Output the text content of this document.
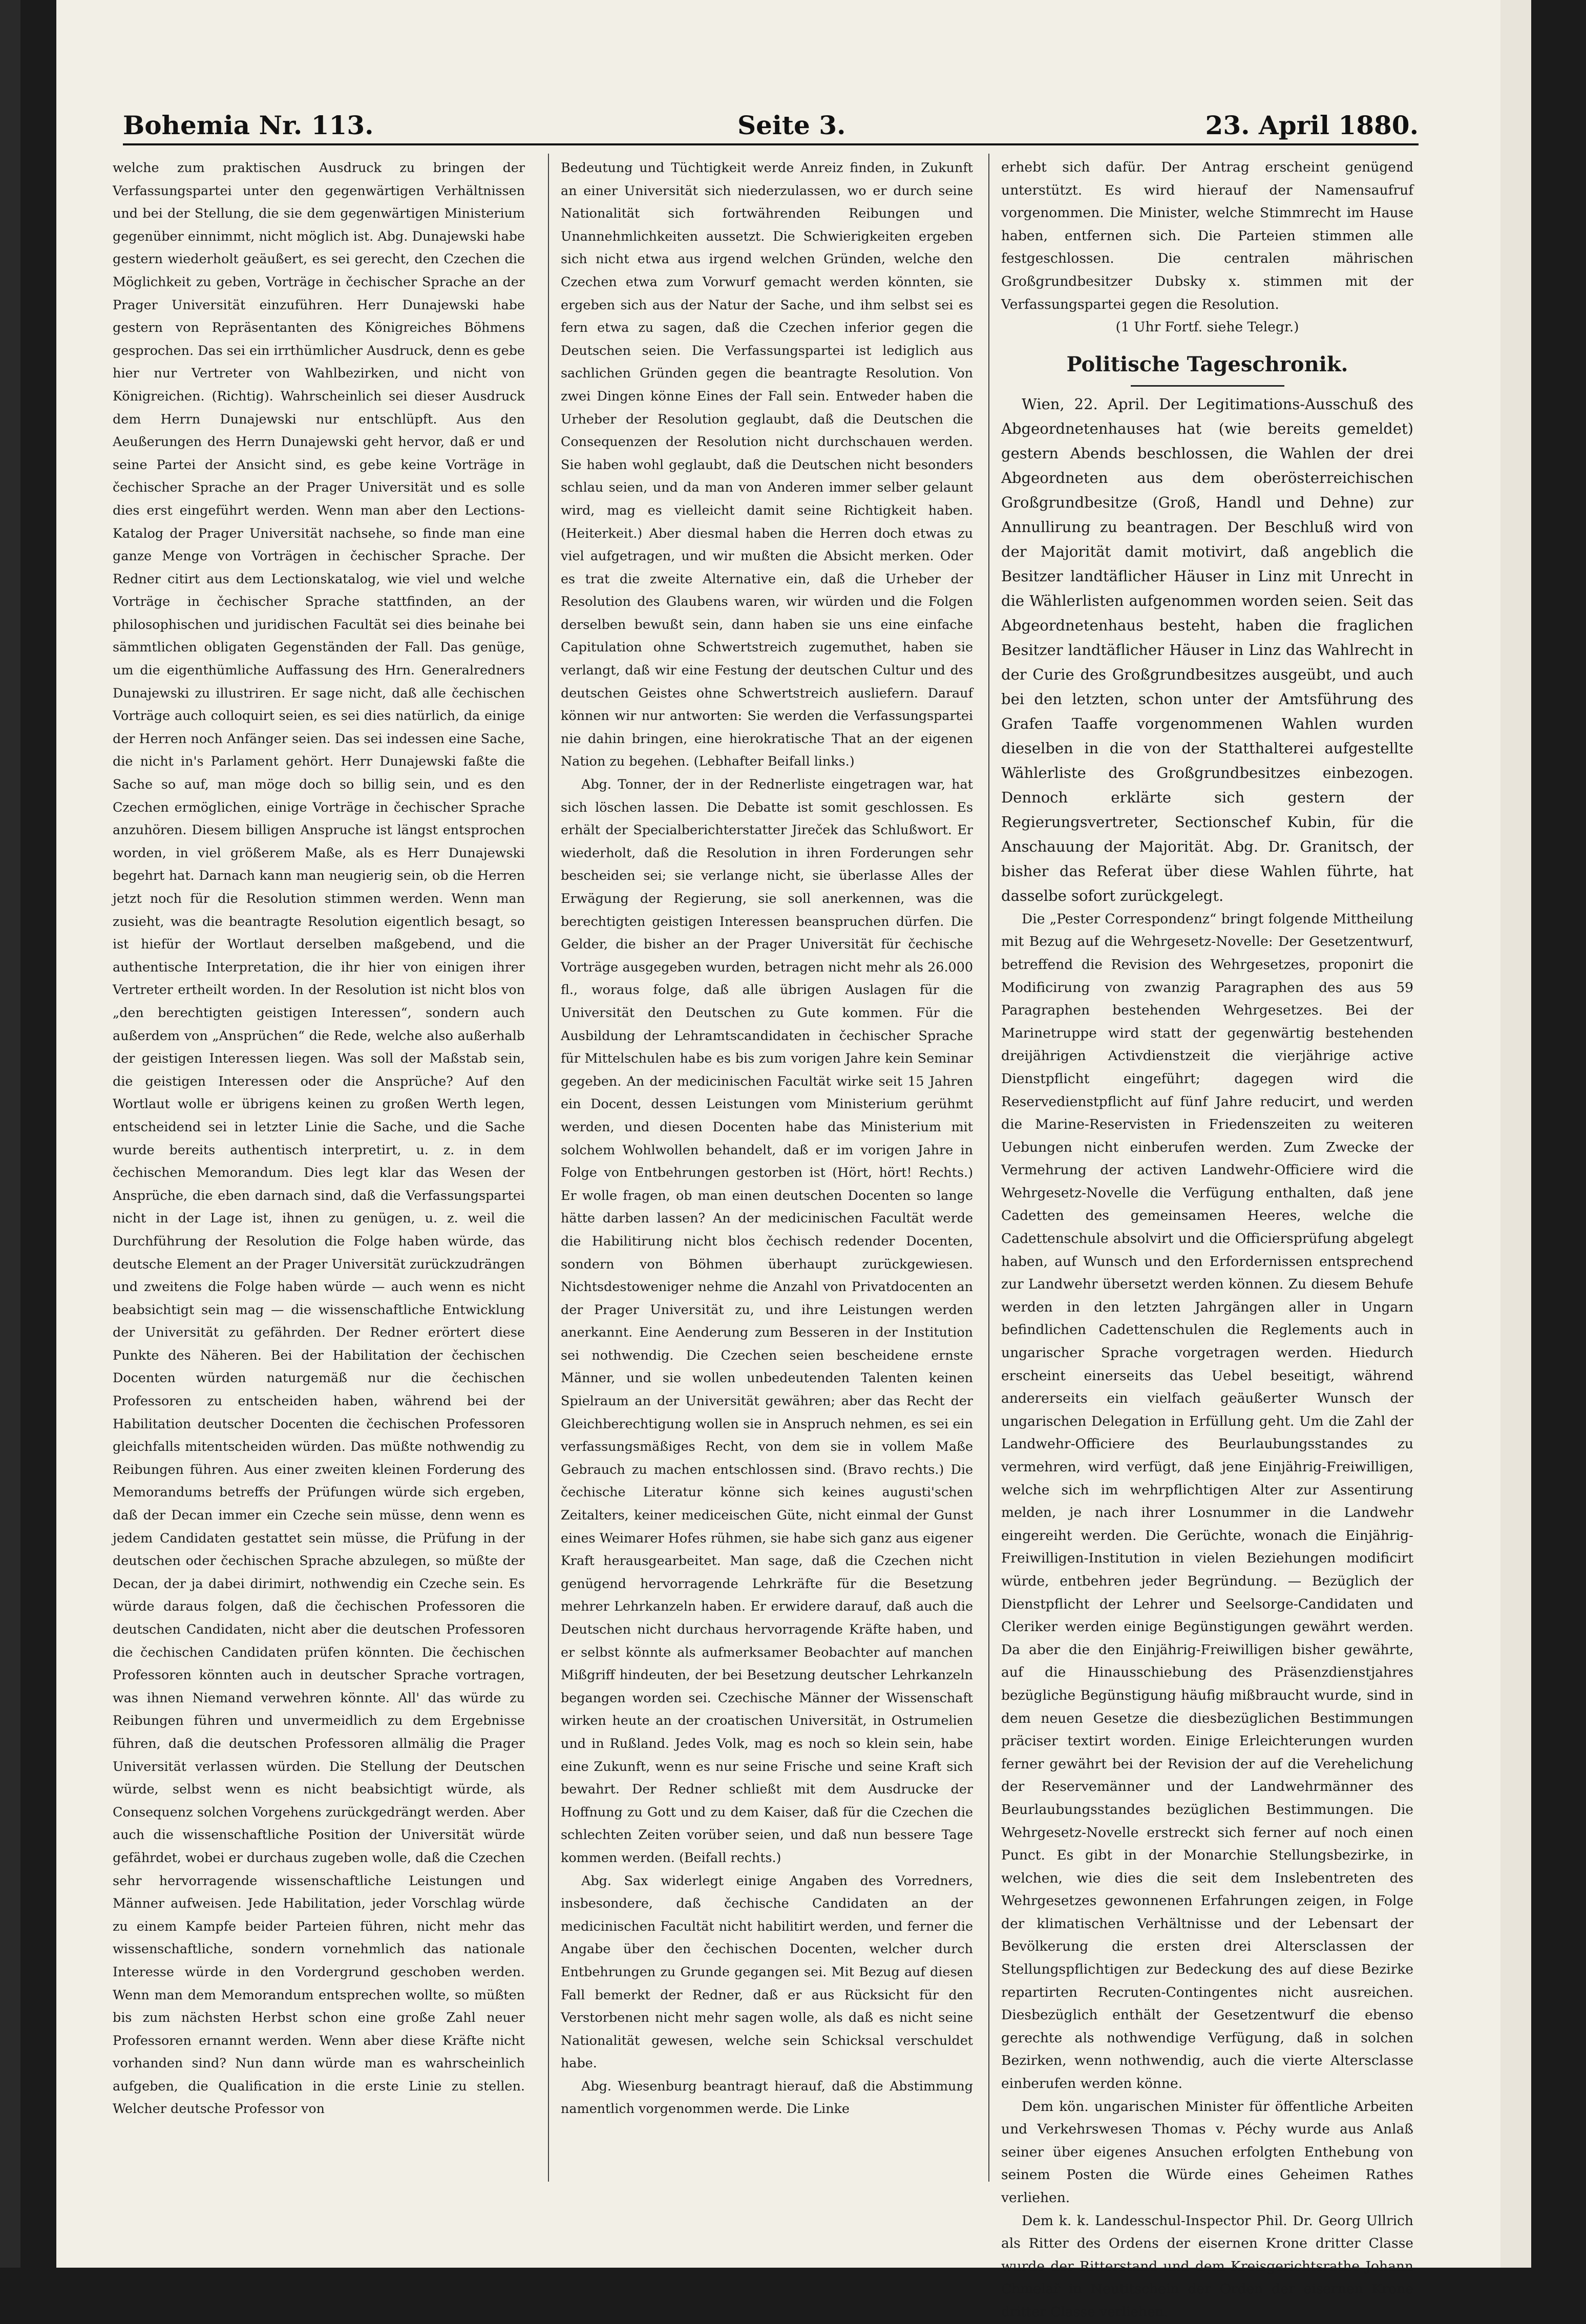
Bohemia Nr. 113.	Seite 3.	23. April 1880.

welche zum praktischen Ausdruck zu bringen der Verfassungspartei unter den gegenwärtigen Verhältnissen und bei der Stellung, die sie dem gegenwärtigen Ministerium gegenüber einnimmt, nicht möglich ist. Abg. Dunajewski habe gestern wiederholt geäußert, es sei gerecht, den Czechen die Möglichkeit zu geben, Vorträge in čechischer Sprache an der Prager Universität einzuführen. Herr Dunajewski habe gestern von Repräsentanten des Königreiches Böhmens gesprochen. Das sei ein irrthümlicher Ausdruck, denn es gebe hier nur Vertreter von Wahlbezirken, und nicht von Königreichen. (Richtig). Wahrscheinlich sei dieser Ausdruck dem Herrn Dunajewski nur entschlüpft. Aus den Aeußerungen des Herrn Dunajewski geht hervor, daß er und seine Partei der Ansicht sind, es gebe keine Vorträge in čechischer Sprache an der Prager Universität und es solle dies erst eingeführt werden. Wenn man aber den Lections-Katalog der Prager Universität nachsehe, so finde man eine ganze Menge von Vorträgen in čechischer Sprache. Der Redner citirt aus dem Lectionskatalog, wie viel und welche Vorträge in čechischer Sprache stattfinden, an der philosophischen und juridischen Facultät sei dies beinahe bei sämmtlichen obligaten Gegenständen der Fall. Das genüge, um die eigenthümliche Auffassung des Hrn. Generalredners Dunajewski zu illustriren. Er sage nicht, daß alle čechischen Vorträge auch colloquirt seien, es sei dies natürlich, da einige der Herren noch Anfänger seien. Das sei indessen eine Sache, die nicht in's Parlament gehört. Herr Dunajewski faßte die Sache so auf, man möge doch so billig sein, und es den Czechen ermöglichen, einige Vorträge in čechischer Sprache anzuhören. Diesem billigen Anspruche ist längst entsprochen worden, in viel größerem Maße, als es Herr Dunajewski begehrt hat. Darnach kann man neugierig sein, ob die Herren jetzt noch für die Resolution stimmen werden. Wenn man zusieht, was die beantragte Resolution eigentlich besagt, so ist hiefür der Wortlaut derselben maßgebend, und die authentische Interpretation, die ihr hier von einigen ihrer Vertreter ertheilt worden. In der Resolution ist nicht blos von „den berechtigten geistigen Interessen“, sondern auch außerdem von „Ansprüchen“ die Rede, welche also außerhalb der geistigen Interessen liegen. Was soll der Maßstab sein, die geistigen Interessen oder die Ansprüche? Auf den Wortlaut wolle er übrigens keinen zu großen Werth legen, entscheidend sei in letzter Linie die Sache, und die Sache wurde bereits authentisch interpretirt, u. z. in dem čechischen Memorandum. Dies legt klar das Wesen der Ansprüche, die eben darnach sind, daß die Verfassungspartei nicht in der Lage ist, ihnen zu genügen, u. z. weil die Durchführung der Resolution die Folge haben würde, das deutsche Element an der Prager Universität zurückzudrängen und zweitens die Folge haben würde — auch wenn es nicht beabsichtigt sein mag — die wissenschaftliche Entwicklung der Universität zu gefährden. Der Redner erörtert diese Punkte des Näheren. Bei der Habilitation der čechischen Docenten würden naturgemäß nur die čechischen Professoren zu entscheiden haben, während bei der Habilitation deutscher Docenten die čechischen Professoren gleichfalls mitentscheiden würden. Das müßte nothwendig zu Reibungen führen. Aus einer zweiten kleinen Forderung des Memorandums betreffs der Prüfungen würde sich ergeben, daß der Decan immer ein Czeche sein müsse, denn wenn es jedem Candidaten gestattet sein müsse, die Prüfung in der deutschen oder čechischen Sprache abzulegen, so müßte der Decan, der ja dabei dirimirt, nothwendig ein Czeche sein. Es würde daraus folgen, daß die čechischen Professoren die deutschen Candidaten, nicht aber die deutschen Professoren die čechischen Candidaten prüfen könnten. Die čechischen Professoren könnten auch in deutscher Sprache vortragen, was ihnen Niemand verwehren könnte. All' das würde zu Reibungen führen und unvermeidlich zu dem Ergebnisse führen, daß die deutschen Professoren allmälig die Prager Universität verlassen würden. Die Stellung der Deutschen würde, selbst wenn es nicht beabsichtigt würde, als Consequenz solchen Vorgehens zurückgedrängt werden. Aber auch die wissenschaftliche Position der Universität würde gefährdet, wobei er durchaus zugeben wolle, daß die Czechen sehr hervorragende wissenschaftliche Leistungen und Männer aufweisen. Jede Habilitation, jeder Vorschlag würde zu einem Kampfe beider Parteien führen, nicht mehr das wissenschaftliche, sondern vornehmlich das nationale Interesse würde in den Vordergrund geschoben werden. Wenn man dem Memorandum entsprechen wollte, so müßten bis zum nächsten Herbst schon eine große Zahl neuer Professoren ernannt werden. Wenn aber diese Kräfte nicht vorhanden sind? Nun dann würde man es wahrscheinlich aufgeben, die Qualification in die erste Linie zu stellen. Welcher deutsche Professor von

Bedeutung und Tüchtigkeit werde Anreiz finden, in Zukunft an einer Universität sich niederzulassen, wo er durch seine Nationalität sich fortwährenden Reibungen und Unannehmlichkeiten aussetzt. Die Schwierigkeiten ergeben sich nicht etwa aus irgend welchen Gründen, welche den Czechen etwa zum Vorwurf gemacht werden könnten, sie ergeben sich aus der Natur der Sache, und ihm selbst sei es fern etwa zu sagen, daß die Czechen inferior gegen die Deutschen seien. Die Verfassungspartei ist lediglich aus sachlichen Gründen gegen die beantragte Resolution. Von zwei Dingen könne Eines der Fall sein. Entweder haben die Urheber der Resolution geglaubt, daß die Deutschen die Consequenzen der Resolution nicht durchschauen werden. Sie haben wohl geglaubt, daß die Deutschen nicht besonders schlau seien, und da man von Anderen immer selber gelaunt wird, mag es vielleicht damit seine Richtigkeit haben. (Heiterkeit.) Aber diesmal haben die Herren doch etwas zu viel aufgetragen, und wir mußten die Absicht merken. Oder es trat die zweite Alternative ein, daß die Urheber der Resolution des Glaubens waren, wir würden und die Folgen derselben bewußt sein, dann haben sie uns eine einfache Capitulation ohne Schwertstreich zugemuthet, haben sie verlangt, daß wir eine Festung der deutschen Cultur und des deutschen Geistes ohne Schwertstreich ausliefern. Darauf können wir nur antworten: Sie werden die Verfassungspartei nie dahin bringen, eine hierokratische That an der eigenen Nation zu begehen. (Lebhafter Beifall links.)

Abg. Tonner, der in der Rednerliste eingetragen war, hat sich löschen lassen. Die Debatte ist somit geschlossen. Es erhält der Specialberichterstatter Jireček das Schlußwort. Er wiederholt, daß die Resolution in ihren Forderungen sehr bescheiden sei; sie verlange nicht, sie überlasse Alles der Erwägung der Regierung, sie soll anerkennen, was die berechtigten geistigen Interessen beanspruchen dürfen. Die Gelder, die bisher an der Prager Universität für čechische Vorträge ausgegeben wurden, betragen nicht mehr als 26.000 fl., woraus folge, daß alle übrigen Auslagen für die Universität den Deutschen zu Gute kommen. Für die Ausbildung der Lehramtscandidaten in čechischer Sprache für Mittelschulen habe es bis zum vorigen Jahre kein Seminar gegeben. An der medicinischen Facultät wirke seit 15 Jahren ein Docent, dessen Leistungen vom Ministerium gerühmt werden, und diesen Docenten habe das Ministerium mit solchem Wohlwollen behandelt, daß er im vorigen Jahre in Folge von Entbehrungen gestorben ist (Hört, hört! Rechts.) Er wolle fragen, ob man einen deutschen Docenten so lange hätte darben lassen? An der medicinischen Facultät werde die Habilitirung nicht blos čechisch redender Docenten, sondern von Böhmen überhaupt zurückgewiesen. Nichtsdestoweniger nehme die Anzahl von Privatdocenten an der Prager Universität zu, und ihre Leistungen werden anerkannt. Eine Aenderung zum Besseren in der Institution sei nothwendig. Die Czechen seien bescheidene ernste Männer, und sie wollen unbedeutenden Talenten keinen Spielraum an der Universität gewähren; aber das Recht der Gleichberechtigung wollen sie in Anspruch nehmen, es sei ein verfassungsmäßiges Recht, von dem sie in vollem Maße Gebrauch zu machen entschlossen sind. (Bravo rechts.) Die čechische Literatur könne sich keines augusti'schen Zeitalters, keiner mediceischen Güte, nicht einmal der Gunst eines Weimarer Hofes rühmen, sie habe sich ganz aus eigener Kraft herausgearbeitet. Man sage, daß die Czechen nicht genügend hervorragende Lehrkräfte für die Besetzung mehrer Lehrkanzeln haben. Er erwidere darauf, daß auch die Deutschen nicht durchaus hervorragende Kräfte haben, und er selbst könnte als aufmerksamer Beobachter auf manchen Mißgriff hindeuten, der bei Besetzung deutscher Lehrkanzeln begangen worden sei. Czechische Männer der Wissenschaft wirken heute an der croatischen Universität, in Ostrumelien und in Rußland. Jedes Volk, mag es noch so klein sein, habe eine Zukunft, wenn es nur seine Frische und seine Kraft sich bewahrt. Der Redner schließt mit dem Ausdrucke der Hoffnung zu Gott und zu dem Kaiser, daß für die Czechen die schlechten Zeiten vorüber seien, und daß nun bessere Tage kommen werden. (Beifall rechts.)

Abg. Sax widerlegt einige Angaben des Vorredners, insbesondere, daß čechische Candidaten an der medicinischen Facultät nicht habilitirt werden, und ferner die Angabe über den čechischen Docenten, welcher durch Entbehrungen zu Grunde gegangen sei. Mit Bezug auf diesen Fall bemerkt der Redner, daß er aus Rücksicht für den Verstorbenen nicht mehr sagen wolle, als daß es nicht seine Nationalität gewesen, welche sein Schicksal verschuldet habe.

Abg. Wiesenburg beantragt hierauf, daß die Abstimmung namentlich vorgenommen werde. Die Linke

erhebt sich dafür. Der Antrag erscheint genügend unterstützt. Es wird hierauf der Namensaufruf vorgenommen. Die Minister, welche Stimmrecht im Hause haben, entfernen sich. Die Parteien stimmen alle festgeschlossen. Die centralen mährischen Großgrundbesitzer Dubsky x. stimmen mit der Verfassungspartei gegen die Resolution.

(1 Uhr Fortf. siehe Telegr.)

Politische Tageschronik.

Wien, 22. April. Der Legitimations-Ausschuß des Abgeordnetenhauses hat (wie bereits gemeldet) gestern Abends beschlossen, die Wahlen der drei Abgeordneten aus dem oberösterreichischen Großgrundbesitze (Groß, Handl und Dehne) zur Annullirung zu beantragen. Der Beschluß wird von der Majorität damit motivirt, daß angeblich die Besitzer landtäflicher Häuser in Linz mit Unrecht in die Wählerlisten aufgenommen worden seien. Seit das Abgeordnetenhaus besteht, haben die fraglichen Besitzer landtäflicher Häuser in Linz das Wahlrecht in der Curie des Großgrundbesitzes ausgeübt, und auch bei den letzten, schon unter der Amtsführung des Grafen Taaffe vorgenommenen Wahlen wurden dieselben in die von der Statthalterei aufgestellte Wählerliste des Großgrundbesitzes einbezogen. Dennoch erklärte sich gestern der Regierungsvertreter, Sectionschef Kubin, für die Anschauung der Majorität. Abg. Dr. Granitsch, der bisher das Referat über diese Wahlen führte, hat dasselbe sofort zurückgelegt.

Die „Pester Correspondenz“ bringt folgende Mittheilung mit Bezug auf die Wehrgesetz-Novelle: Der Gesetzentwurf, betreffend die Revision des Wehrgesetzes, proponirt die Modificirung von zwanzig Paragraphen des aus 59 Paragraphen bestehenden Wehrgesetzes. Bei der Marinetruppe wird statt der gegenwärtig bestehenden dreijährigen Activdienstzeit die vierjährige active Dienstpflicht eingeführt; dagegen wird die Reservedienstpflicht auf fünf Jahre reducirt, und werden die Marine-Reservisten in Friedenszeiten zu weiteren Uebungen nicht einberufen werden. Zum Zwecke der Vermehrung der activen Landwehr-Officiere wird die Wehrgesetz-Novelle die Verfügung enthalten, daß jene Cadetten des gemeinsamen Heeres, welche die Cadettenschule absolvirt und die Officiersprüfung abgelegt haben, auf Wunsch und den Erfordernissen entsprechend zur Landwehr übersetzt werden können. Zu diesem Behufe werden in den letzten Jahrgängen aller in Ungarn befindlichen Cadettenschulen die Reglements auch in ungarischer Sprache vorgetragen werden. Hiedurch erscheint einerseits das Uebel beseitigt, während andererseits ein vielfach geäußerter Wunsch der ungarischen Delegation in Erfüllung geht. Um die Zahl der Landwehr-Officiere des Beurlaubungsstandes zu vermehren, wird verfügt, daß jene Einjährig-Freiwilligen, welche sich im wehrpflichtigen Alter zur Assentirung melden, je nach ihrer Losnummer in die Landwehr eingereiht werden. Die Gerüchte, wonach die Einjährig-Freiwilligen-Institution in vielen Beziehungen modificirt würde, entbehren jeder Begründung. — Bezüglich der Dienstpflicht der Lehrer und Seelsorge-Candidaten und Cleriker werden einige Begünstigungen gewährt werden. Da aber die den Einjährig-Freiwilligen bisher gewährte, auf die Hinausschiebung des Präsenzdienstjahres bezügliche Begünstigung häufig mißbraucht wurde, sind in dem neuen Gesetze die diesbezüglichen Bestimmungen präciser textirt worden. Einige Erleichterungen wurden ferner gewährt bei der Revision der auf die Verehelichung der Reservemänner und der Landwehrmänner des Beurlaubungsstandes bezüglichen Bestimmungen. Die Wehrgesetz-Novelle erstreckt sich ferner auf noch einen Punct. Es gibt in der Monarchie Stellungsbezirke, in welchen, wie dies die seit dem Inslebentreten des Wehrgesetzes gewonnenen Erfahrungen zeigen, in Folge der klimatischen Verhältnisse und der Lebensart der Bevölkerung die ersten drei Altersclassen der Stellungspflichtigen zur Bedeckung des auf diese Bezirke repartirten Recruten-Contingentes nicht ausreichen. Diesbezüglich enthält der Gesetzentwurf die ebenso gerechte als nothwendige Verfügung, daß in solchen Bezirken, wenn nothwendig, auch die vierte Altersclasse einberufen werden könne.

Dem kön. ungarischen Minister für öffentliche Arbeiten und Verkehrswesen Thomas v. Péchy wurde aus Anlaß seiner über eigenes Ansuchen erfolgten Enthebung von seinem Posten die Würde eines Geheimen Rathes verliehen.

Dem k. k. Landesschul-Inspector Phil. Dr. Georg Ullrich als Ritter des Ordens der eisernen Krone dritter Classe wurde der Ritterstand und dem Kreisgerichtsrathe Johann Chmelař in Neutitschein der Orden der eisernen Krone dritter Classe verliehen.
